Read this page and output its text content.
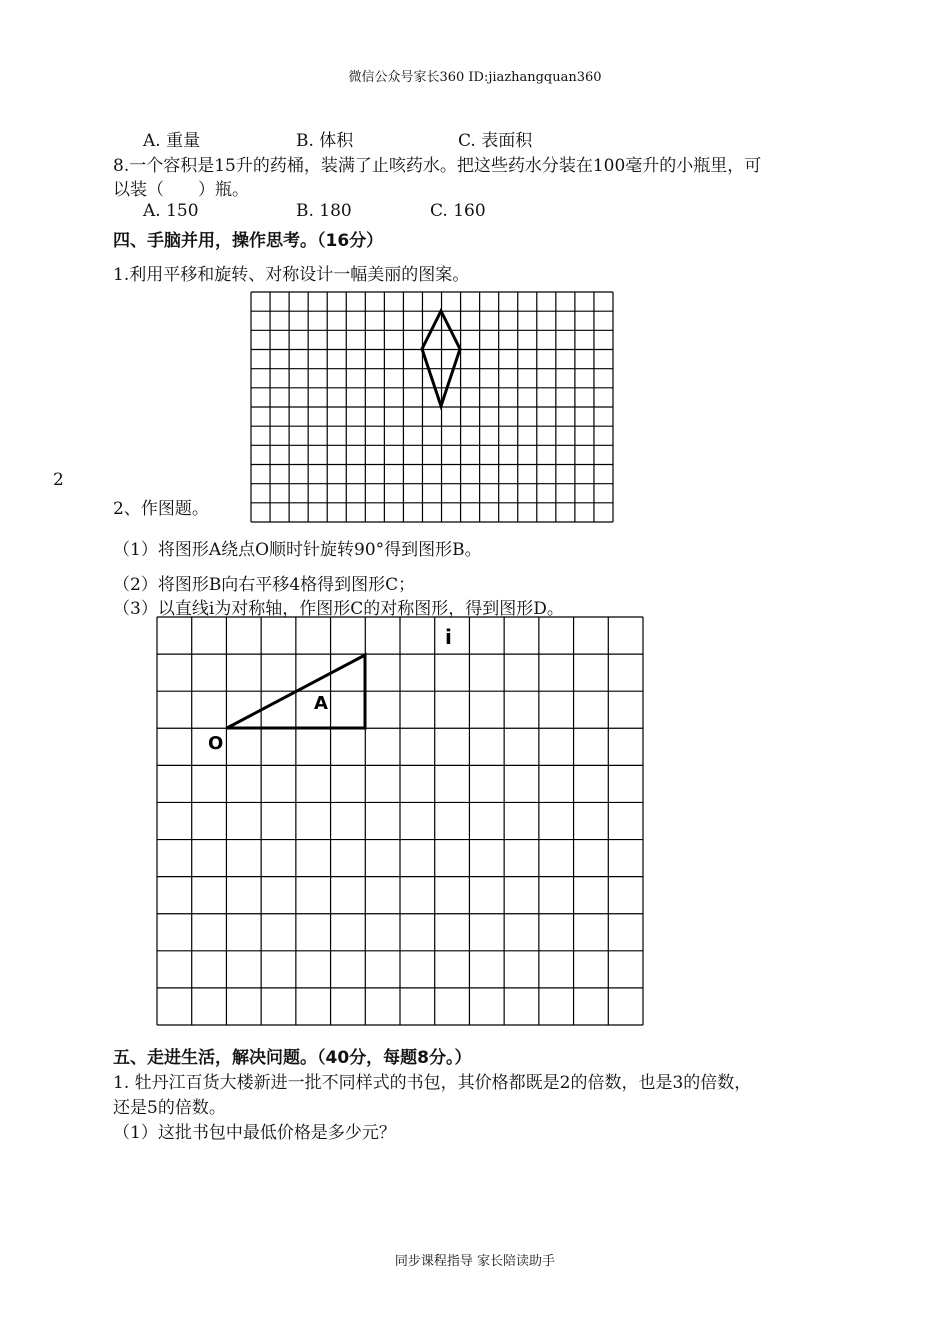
微信公众号家长360 ID:jiazhangquan360
A. 重量	B. 体积	C. 表面积
8.一个容积是15升的药桶，装满了止咳药水。把这些药水分装在100毫升的小瓶里，可
以装（　　）瓶。
A. 150	B. 180	C. 160
四、手脑并用，操作思考。（16分）
1.利用平移和旋转、对称设计一幅美丽的图案。
2
2、作图题。
（1）将图形A绕点O顺时针旋转90°得到图形B。
（2）将图形B向右平移4格得到图形C；
（3）以直线i为对称轴，作图形C的对称图形，得到图形D。
i
A
O
五、走进生活，解决问题。（40分，每题8分。）
1. 牡丹江百货大楼新进一批不同样式的书包，其价格都既是2的倍数，也是3的倍数，
还是5的倍数。
（1）这批书包中最低价格是多少元？
同步课程指导 家长陪读助手
